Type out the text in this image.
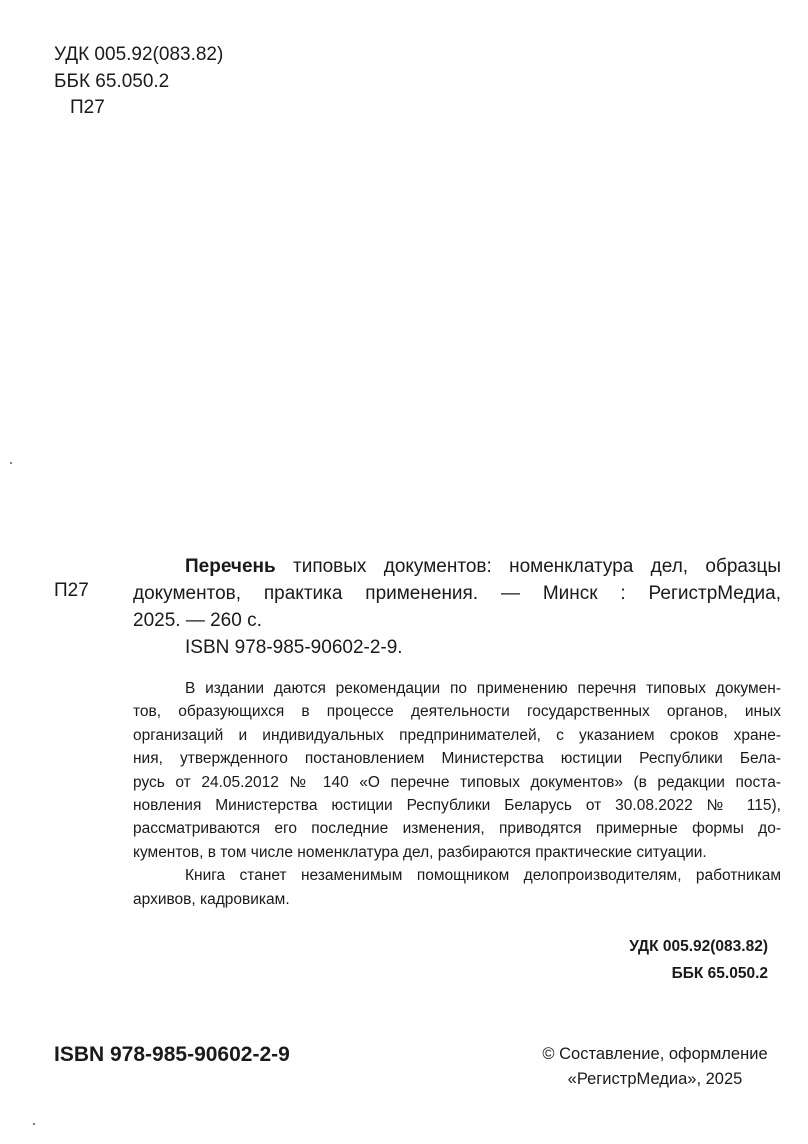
УДК 005.92(083.82)
ББК 65.050.2
П27
П27
Перечень типовых документов: номенклатура дел, образцы
документов, практика применения. — Минск : РегистрМедиа,
2025. — 260 с.
ISBN 978-985-90602-2-9.
В издании даются рекомендации по применению перечня типовых докумен-
тов, образующихся в процессе деятельности государственных органов, иных
организаций и индивидуальных предпринимателей, с указанием сроков хране-
ния, утвержденного постановлением Министерства юстиции Республики Бела-
русь от 24.05.2012 № 140 «О перечне типовых документов» (в редакции поста-
новления Министерства юстиции Республики Беларусь от 30.08.2022 № 115),
рассматриваются его последние изменения, приводятся примерные формы до-
кументов, в том числе номенклатура дел, разбираются практические ситуации.
Книга станет незаменимым помощником делопроизводителям, работникам
архивов, кадровикам.
УДК 005.92(083.82)
ББК 65.050.2
ISBN 978-985-90602-2-9	© Составление, оформление
«РегистрМедиа», 2025
